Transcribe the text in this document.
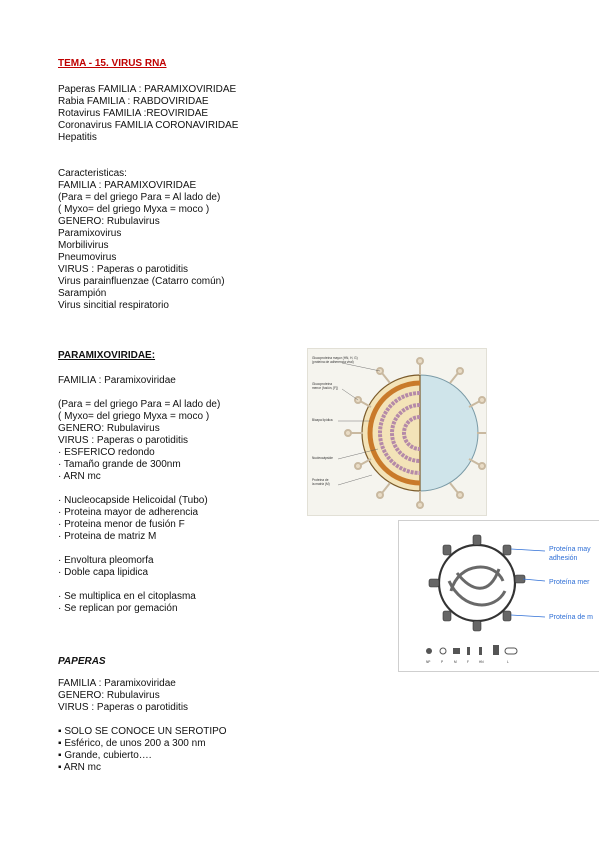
TEMA - 15. VIRUS RNA
Paperas FAMILIA : PARAMIXOVIRIDAE
Rabia FAMILIA : RABDOVIRIDAE
Rotavirus FAMILIA :REOVIRIDAE
Coronavirus FAMILIA CORONAVIRIDAE
Hepatitis
Caracteristicas:
FAMILIA : PARAMIXOVIRIDAE
(Para = del griego Para = Al lado de)
( Myxo= del griego Myxa = moco )
GENERO: Rubulavirus
Paramixovirus
Morbilivirus
Pneumovirus
VIRUS : Paperas o parotiditis
Virus parainfluenzae (Catarro común)
Sarampión
Virus sincitial respiratorio
PARAMIXOVIRIDAE:
FAMILIA : Paramixoviridae

(Para = del griego Para = Al lado de)
( Myxo= del griego Myxa = moco )
GENERO: Rubulavirus
VIRUS : Paperas o parotiditis
· ESFERICO redondo
· Tamaño grande de 300nm
· ARN mc

· Nucleocapside Helicoidal (Tubo)
· Proteina mayor de adherencia
· Proteina menor de fusión F
· Proteina de matriz M

· Envoltura pleomorfa
· Doble capa lipidica

· Se multiplica en el citoplasma
· Se replican por gemación
PAPERAS
FAMILIA : Paramixoviridae
GENERO: Rubulavirus
VIRUS : Paperas o parotiditis

▪ SOLO SE CONOCE UN SEROTIPO
▪ Esférico, de unos 200 a 300 nm
▪ Grande, cubierto….
▪ ARN mc
Glucoproteína mayor (HN, H, G)
(proteína de adherencia viral)
Glucoproteína
menor (fusión, [F])
Bicapa lipídica
Nucleocápside
Proteína de
la matriz (M)
NP	P	M	F	HN	L
Proteína may
adhesión
Proteína mer
Proteína de m
